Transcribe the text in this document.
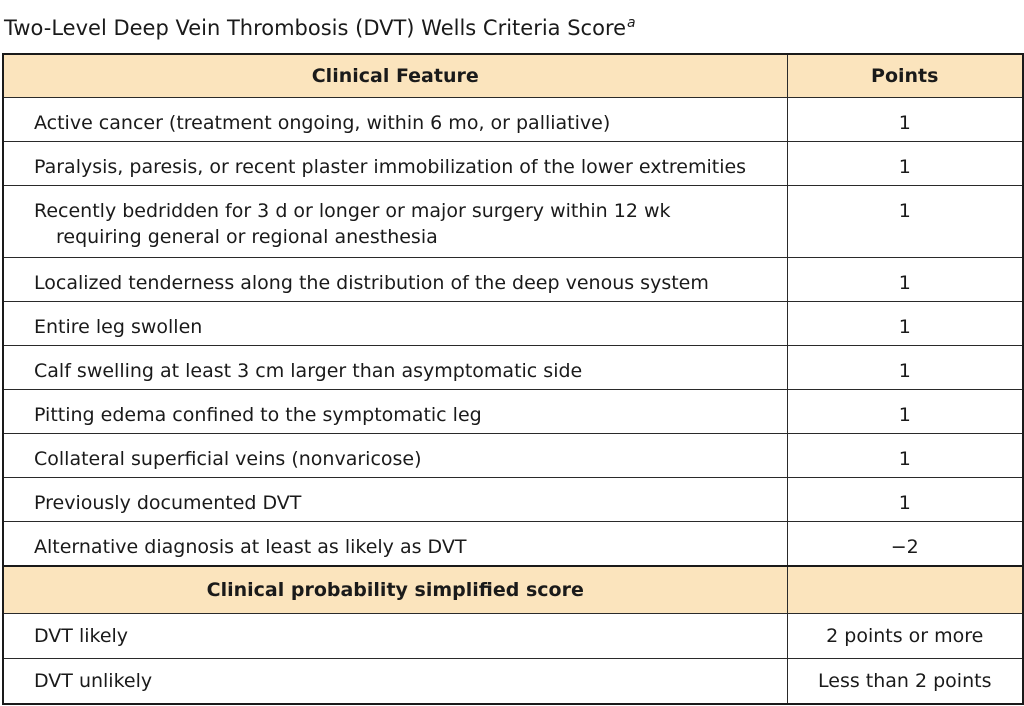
Two-Level Deep Vein Thrombosis (DVT) Wells Criteria Score$^a$
Clinical Feature	Points
Active cancer (treatment ongoing, within 6 mo, or palliative)	1
Paralysis, paresis, or recent plaster immobilization of the lower extremities	1
Recently bedridden for 3 d or longer or major surgery within 12 wk
requiring general or regional anesthesia	1
Localized tenderness along the distribution of the deep venous system	1
Entire leg swollen	1
Calf swelling at least 3 cm larger than asymptomatic side	1
Pitting edema confined to the symptomatic leg	1
Collateral superficial veins (nonvaricose)	1
Previously documented DVT	1
Alternative diagnosis at least as likely as DVT	−2
Clinical probability simplified score	
DVT likely	2 points or more
DVT unlikely	Less than 2 points
